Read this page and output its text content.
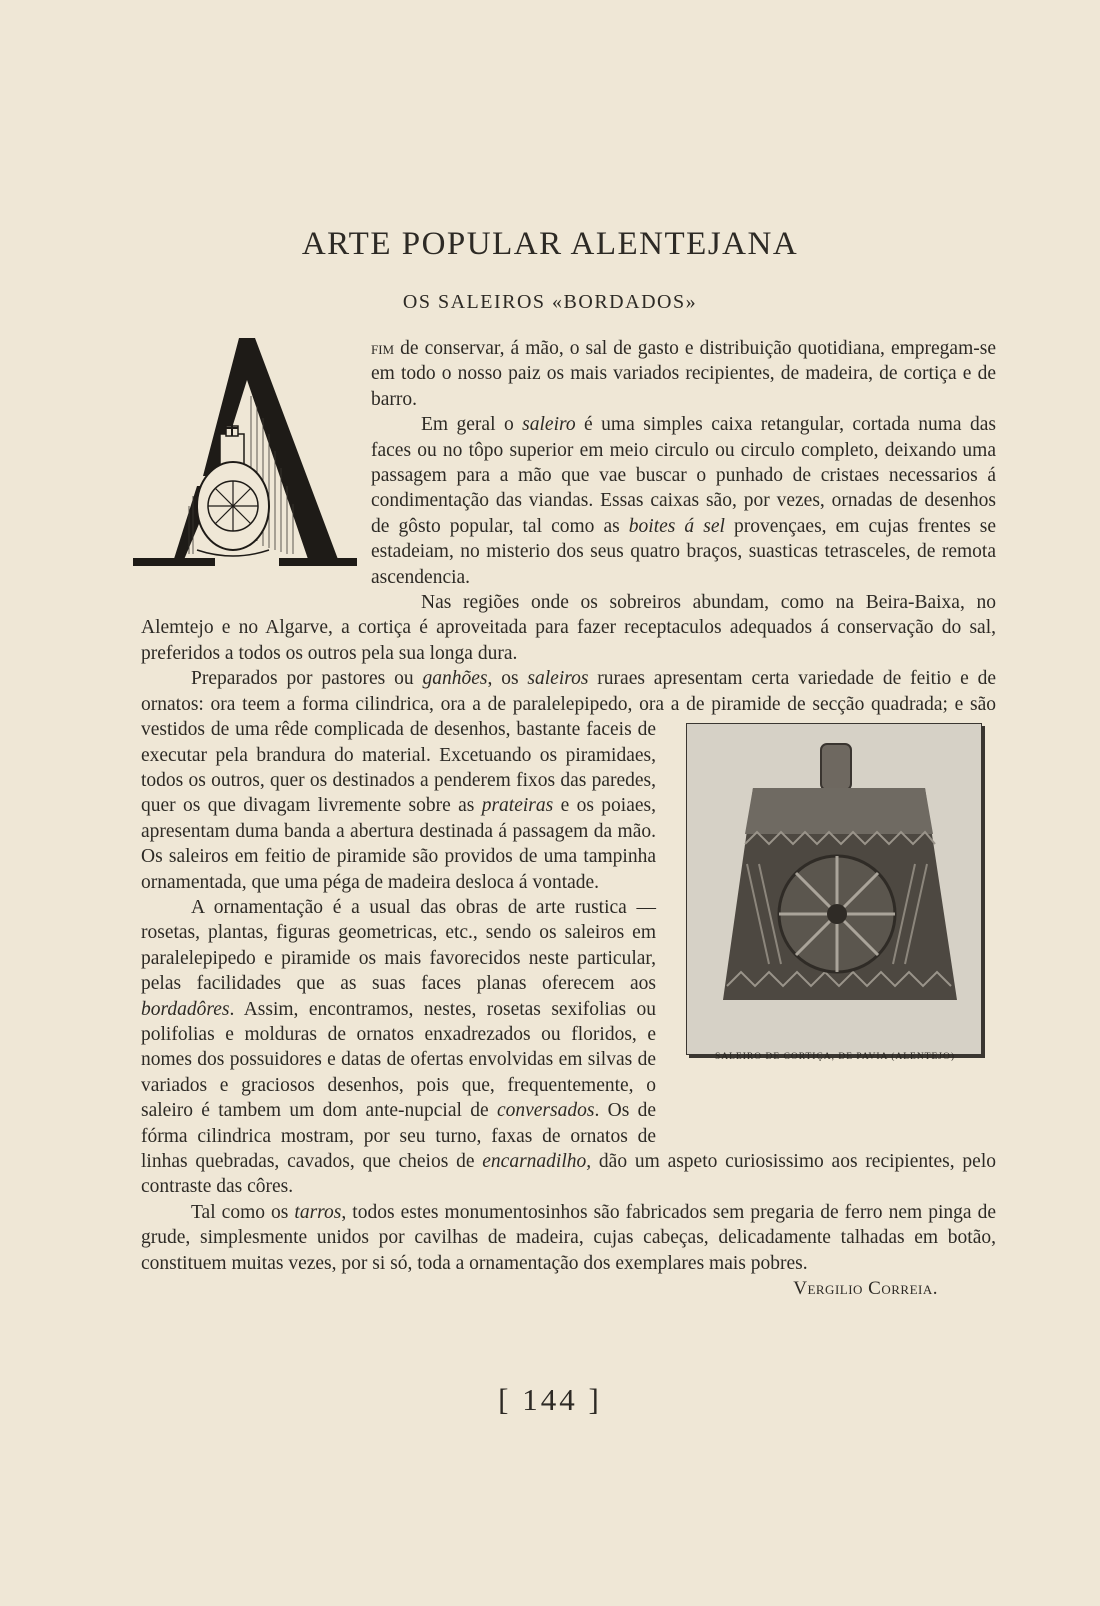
ARTE POPULAR ALENTEJANA
OS SALEIROS «BORDADOS»

fim de conservar, á mão, o sal de gasto e distribuição quotidiana, empregam-se em todo o nosso paiz os mais variados recipientes, de madeira, de cortiça e de barro.

Em geral o saleiro é uma simples caixa retangular, cortada numa das faces ou no tôpo superior em meio circulo ou circulo completo, deixando uma passagem para a mão que vae buscar o punhado de cristaes necessarios á condimentação das viandas. Essas caixas são, por vezes, ornadas de desenhos de gôsto popular, tal como as boites á sel provençaes, em cujas frentes se estadeiam, no misterio dos seus quatro braços, suasticas tetrasceles, de remota ascendencia.

Nas regiões onde os sobreiros abundam, como na Beira-Baixa, no Alemtejo e no Algarve, a cortiça é aproveitada para fazer receptaculos adequados á conservação do sal, preferidos a todos os outros pela sua longa dura.

Preparados por pastores ou ganhões, os saleiros ruraes apresentam certa variedade de feitio e de ornatos: ora teem a forma cilindrica, ora a de paralelepipedo, ora a de pira
mide de secção quadrada; e são vestidos de uma rêde complicada de desenhos, bastante faceis de executar pela brandura do material. Excetuando os piramidaes, todos os outros, quer os destinados a penderem fixos das paredes, quer os que divagam livremente sobre as prateiras e os poiaes, apresentam duma banda a abertura destinada á passagem da mão. Os saleiros em feitio de piramide são providos de uma tampinha ornamentada, que uma péga de madeira desloca á vontade.

A ornamentação é a usual das obras de arte rustica — rosetas, plantas, figuras geometricas, etc., sendo os saleiros em paralelepipedo e piramide os mais favorecidos neste particular, pelas facilidades que as suas faces planas oferecem aos bordadôres. Assim, encontramos, nestes, rosetas sexifolias ou polifolias e molduras de ornatos enxadrezados ou floridos, e nomes dos possuidores e datas de ofertas envolvidas em silvas de variados e graciosos desenhos, pois que, frequentemente, o saleiro é tambem um dom ante-nupcial de conversados. Os de fórma cilindrica mostram, por seu turno, faxas de ornatos de linhas quebradas, cavados, que cheios de encarnadilho, dão um aspeto curiosissimo aos recipientes, pelo contraste das côres.

Tal como os tarros, todos estes monumentosinhos são fabricados sem pregaria de ferro nem pinga de grude, simplesmente unidos por cavilhas de madeira, cujas cabeças, delicadamente talhadas em botão, constituem muitas vezes, por si só, toda a ornamentação dos exemplares mais pobres.

Vergilio Correia.

[ 144 ]
SALEIRO DE CORTIÇA, DE PAVIA (ALENTEJO)
